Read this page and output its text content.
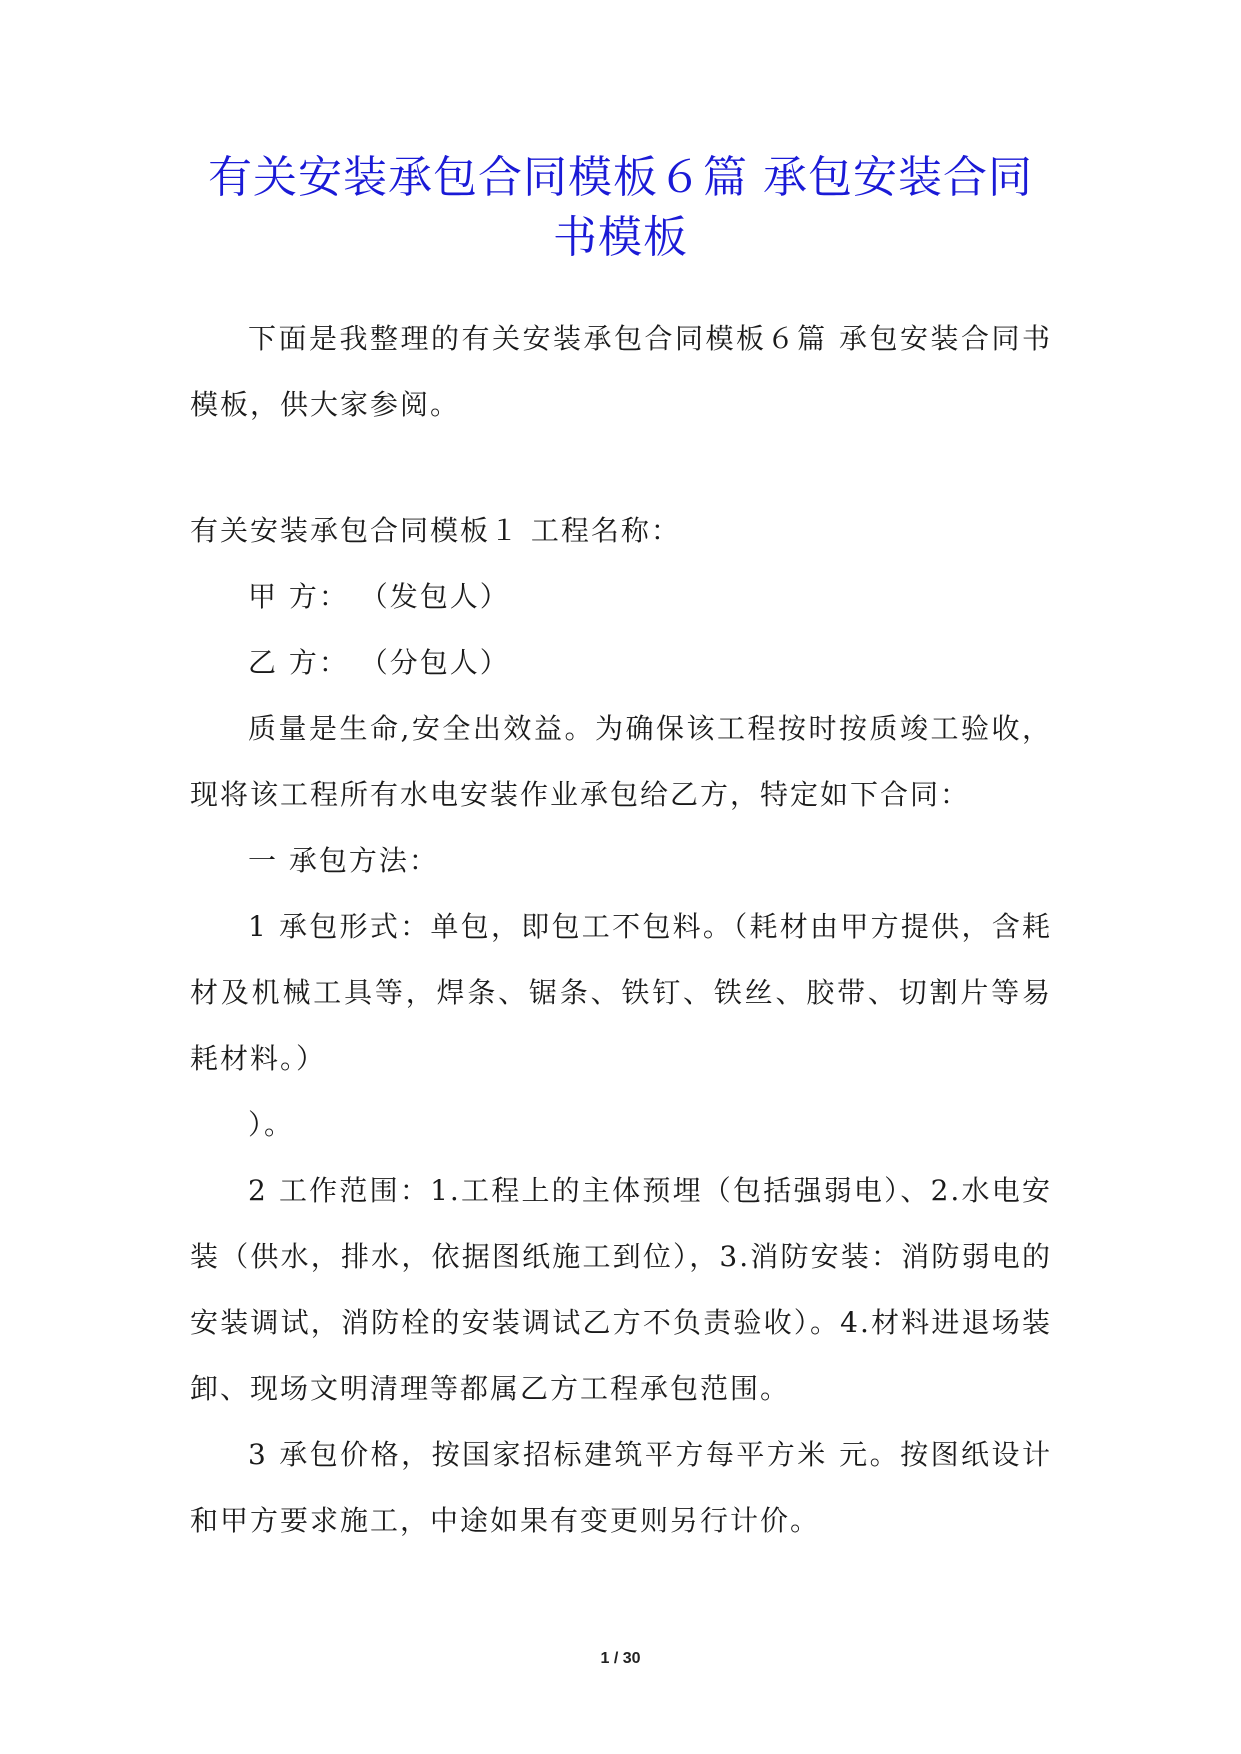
有关安装承包合同模板６篇 承包安装合同
书模板

下面是我整理的有关安装承包合同模板６篇 承包安装合同书模板，供大家参阅。

有关安装承包合同模板１ 工程名称：

甲 方： （发包人）

乙 方： （分包人）

质量是生命,安全出效益。为确保该工程按时按质竣工验收，现将该工程所有水电安装作业承包给乙方，特定如下合同：

一 承包方法：

1 承包形式：单包，即包工不包料。（耗材由甲方提供，含耗材及机械工具等，焊条、锯条、铁钉、铁丝、胶带、切割片等易耗材料。）

）。

2 工作范围：1.工程上的主体预埋（包括强弱电）、2.水电安装（供水，排水，依据图纸施工到位），3.消防安装：消防弱电的安装调试，消防栓的安装调试乙方不负责验收）。4.材料进退场装卸、现场文明清理等都属乙方工程承包范围。

3 承包价格，按国家招标建筑平方每平方米 元。按图纸设计和甲方要求施工，中途如果有变更则另行计价。

1 / 30
